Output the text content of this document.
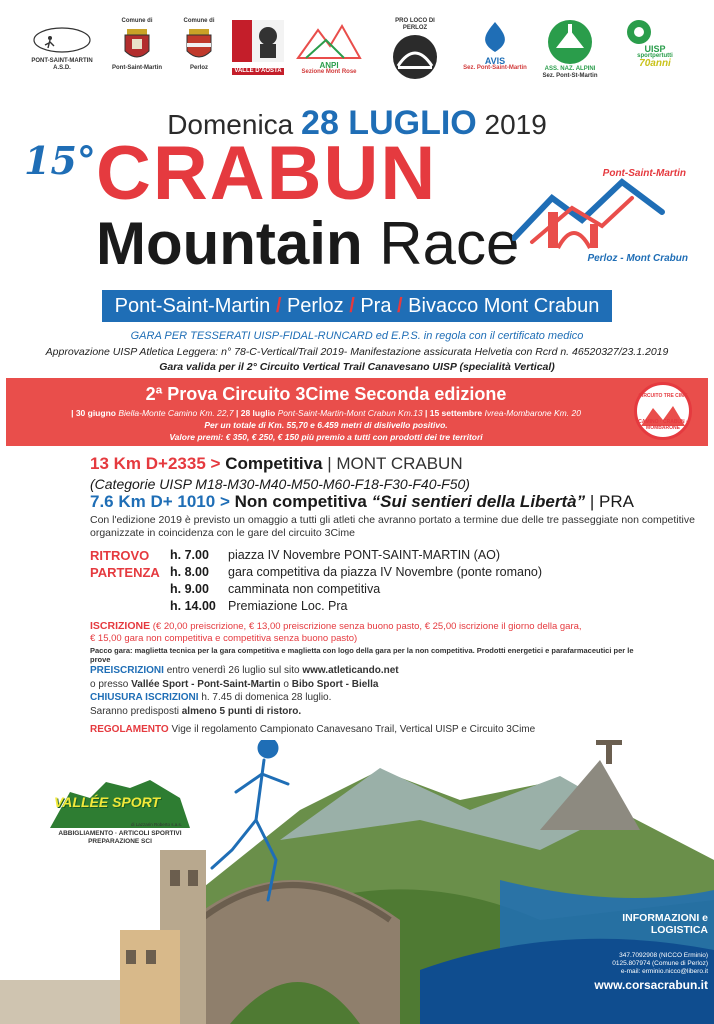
PONT-SAINT-MARTIN A.S.D.
Comune di
Pont-Saint-Martin
Comune di
Perloz	VALLE D'AOSTA
ANPI
Sezione Mont Rose
PRO LOCO DI PERLOZ
AVIS
Sez. Pont-Saint-Martin	ASS. NAZ. ALPINI
Sez. Pont-St-Martin
UISP
sportpertutti
70anni
Domenica 28 LUGLIO 2019
15° CRABUN
Mountain Race
Pont-Saint-Martin
Perloz - Mont Crabun
Pont-Saint-Martin / Perloz / Pra / Bivacco Mont Crabun
GARA PER TESSERATI UISP-FIDAL-RUNCARD ed E.P.S. in regola con il certificato medico
Approvazione UISP Atletica Leggera: n° 78-C-Vertical/Trail 2019- Manifestazione assicurata Helvetia con Rcrd n. 46520327/23.1.2019
Gara valida per il 2° Circuito Vertical Trail Canavesano UISP (specialità Vertical)
2ª Prova Circuito 3Cime Seconda edizione
| 30 giugno Biella-Monte Camino Km. 22,7 | 28 luglio Pont-Saint-Martin-Mont Crabun Km.13 | 15 settembre Ivrea-Mombarone Km. 20
Per un totale di Km. 55,70 e 6.459 metri di dislivello positivo.
Valore premi: € 350, € 250, € 150 più premio a tutti con prodotti dei tre territori
CIRCUITO TRE CIME
CAMINO · CRABUN · MOMBARONE
13 Km D+2335 > Competitiva | MONT CRABUN
(Categorie UISP M18-M30-M40-M50-M60-F18-F30-F40-F50)
7.6 Km D+ 1010 > Non competitiva “Sui sentieri della Libertà” | PRA
Con l'edizione 2019 è previsto un omaggio a tutti gli atleti che avranno portato a termine due delle tre passeggiate non competitive organizzate in coincidenza con le gare del circuito 3Cime
RITROVO h. 7.00 piazza IV Novembre PONT-SAINT-MARTIN (AO)
PARTENZA h. 8.00 gara competitiva da piazza IV Novembre (ponte romano)
h. 9.00 camminata non competitiva
h. 14.00 Premiazione Loc. Pra
ISCRIZIONE (€ 20,00 preiscrizione, € 13,00 preiscrizione senza buono pasto, € 25,00 iscrizione il giorno della gara,
€ 15,00 gara non competitiva e competitiva senza buono pasto)
Pacco gara: maglietta tecnica per la gara competitiva e maglietta con logo della gara per la non competitiva. Prodotti energetici e parafarmaceutici per le prove
PREISCRIZIONI entro venerdì 26 luglio sul sito www.atleticando.net
o presso Vallée Sport - Pont-Saint-Martin o Bibo Sport - Biella
CHIUSURA ISCRIZIONI h. 7.45 di domenica 28 luglio.
Saranno predisposti almeno 5 punti di ristoro.
REGOLAMENTO Vige il regolamento Campionato Canavesano Trail, Vertical UISP e Circuito 3Cime
VALLÉE SPORT
di Lazzarin Roberto s.a.s.
ABBIGLIAMENTO · ARTICOLI SPORTIVI
PREPARAZIONE SCI
INFORMAZIONI e
LOGISTICA
347.7092908 (NICCO Erminio)
0125.807974 (Comune di Perloz)
e-mail: erminio.nicco@libero.it
www.corsacrabun.it
